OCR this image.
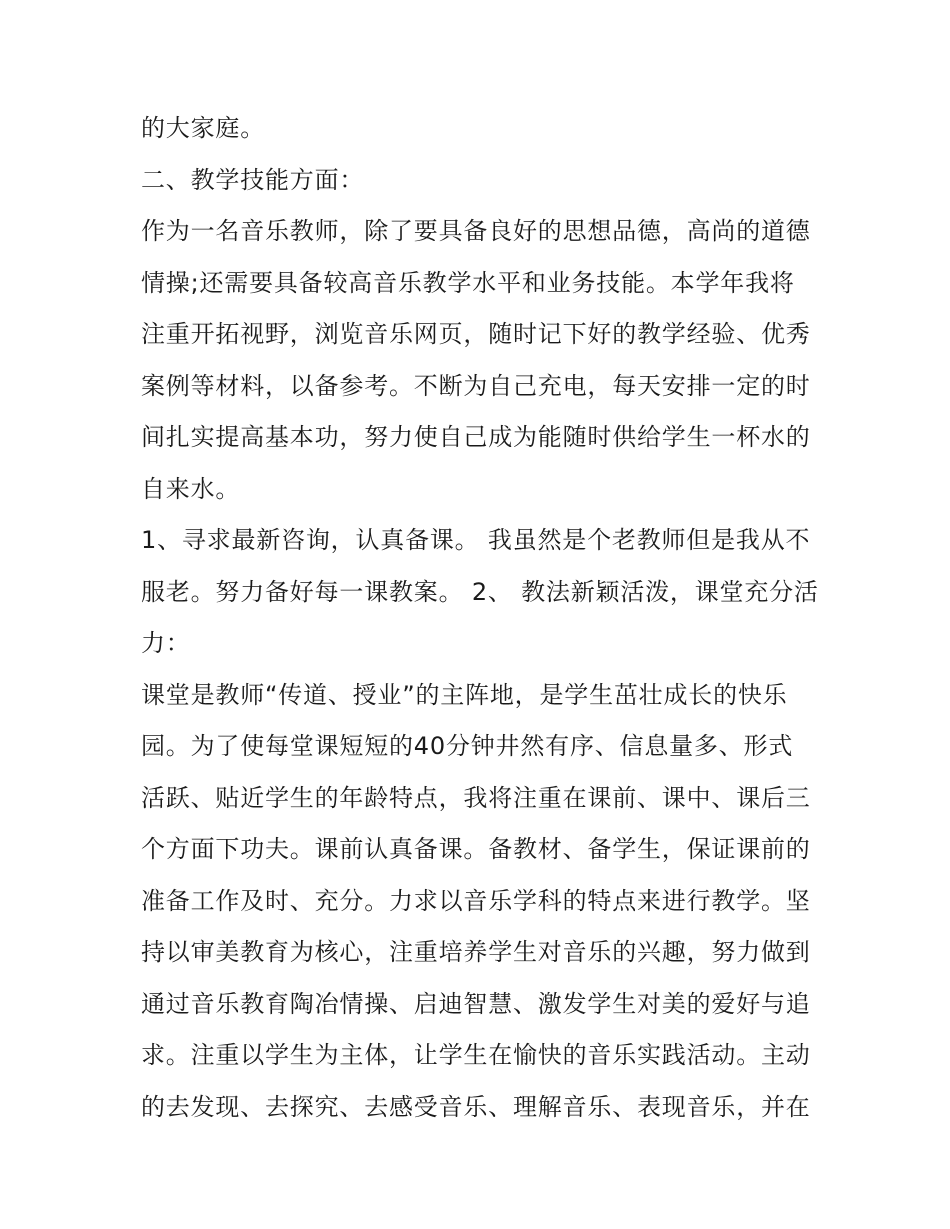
的大家庭。
二、教学技能方面：
作为一名音乐教师，除了要具备良好的思想品德，高尚的道德
情操;还需要具备较高音乐教学水平和业务技能。本学年我将
注重开拓视野，浏览音乐网页，随时记下好的教学经验、优秀
案例等材料，以备参考。不断为自己充电，每天安排一定的时
间扎实提高基本功，努力使自己成为能随时供给学生一杯水的
自来水。
1、寻求最新咨询，认真备课。 我虽然是个老教师但是我从不
服老。努力备好每一课教案。 2、 教法新颖活泼，课堂充分活
力：
课堂是教师“传道、授业”的主阵地，是学生茁壮成长的快乐
园。为了使每堂课短短的40分钟井然有序、信息量多、形式
活跃、贴近学生的年龄特点，我将注重在课前、课中、课后三
个方面下功夫。课前认真备课。备教材、备学生，保证课前的
准备工作及时、充分。力求以音乐学科的特点来进行教学。坚
持以审美教育为核心，注重培养学生对音乐的兴趣，努力做到
通过音乐教育陶冶情操、启迪智慧、激发学生对美的爱好与追
求。注重以学生为主体，让学生在愉快的音乐实践活动。主动
的去发现、去探究、去感受音乐、理解音乐、表现音乐，并在
